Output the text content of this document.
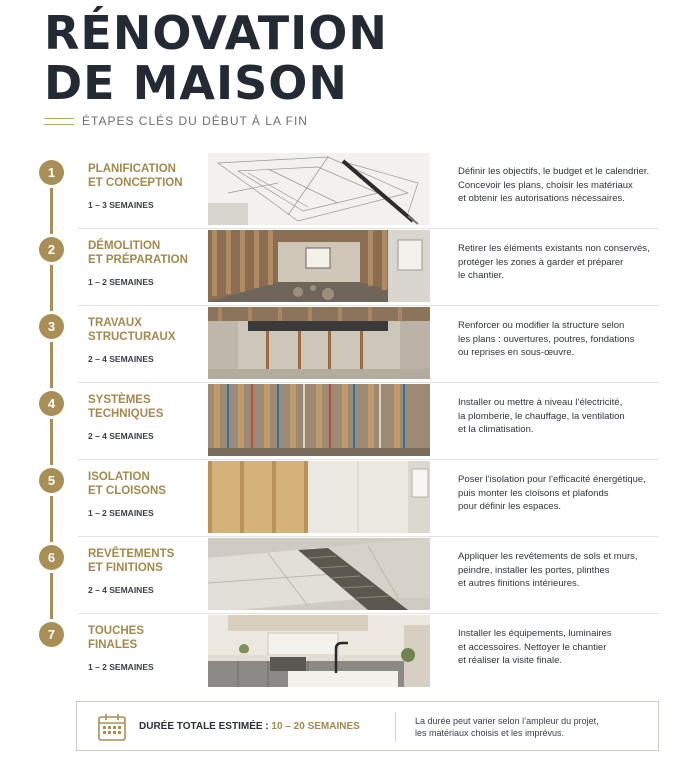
RÉNOVATION
DE MAISON
ÉTAPES CLÉS DU DÉBUT À LA FIN
1	PLANIFICATION
ET CONCEPTION
1 – 3 SEMAINES
Définir les objectifs, le budget et le calendrier.
Concevoir les plans, choisir les matériaux
et obtenir les autorisations nécessaires.
2	DÉMOLITION
ET PRÉPARATION
1 – 2 SEMAINES
Retirer les éléments existants non conservés,
protéger les zones à garder et préparer
le chantier.
3	TRAVAUX
STRUCTURAUX
2 – 4 SEMAINES
Renforcer ou modifier la structure selon
les plans : ouvertures, poutres, fondations
ou reprises en sous-œuvre.
4	SYSTÈMES
TECHNIQUES
2 – 4 SEMAINES
Installer ou mettre à niveau l’électricité,
la plomberie, le chauffage, la ventilation
et la climatisation.
5	ISOLATION
ET CLOISONS
1 – 2 SEMAINES
Poser l’isolation pour l’efficacité énergétique,
puis monter les cloisons et plafonds
pour définir les espaces.
6	REVÊTEMENTS
ET FINITIONS
2 – 4 SEMAINES
Appliquer les revêtements de sols et murs,
peindre, installer les portes, plinthes
et autres finitions intérieures.
7	TOUCHES
FINALES
1 – 2 SEMAINES
Installer les équipements, luminaires
et accessoires. Nettoyer le chantier
et réaliser la visite finale.
DURÉE TOTALE ESTIMÉE : 10 – 20 SEMAINES	La durée peut varier selon l’ampleur du projet,
les matériaux choisis et les imprévus.
